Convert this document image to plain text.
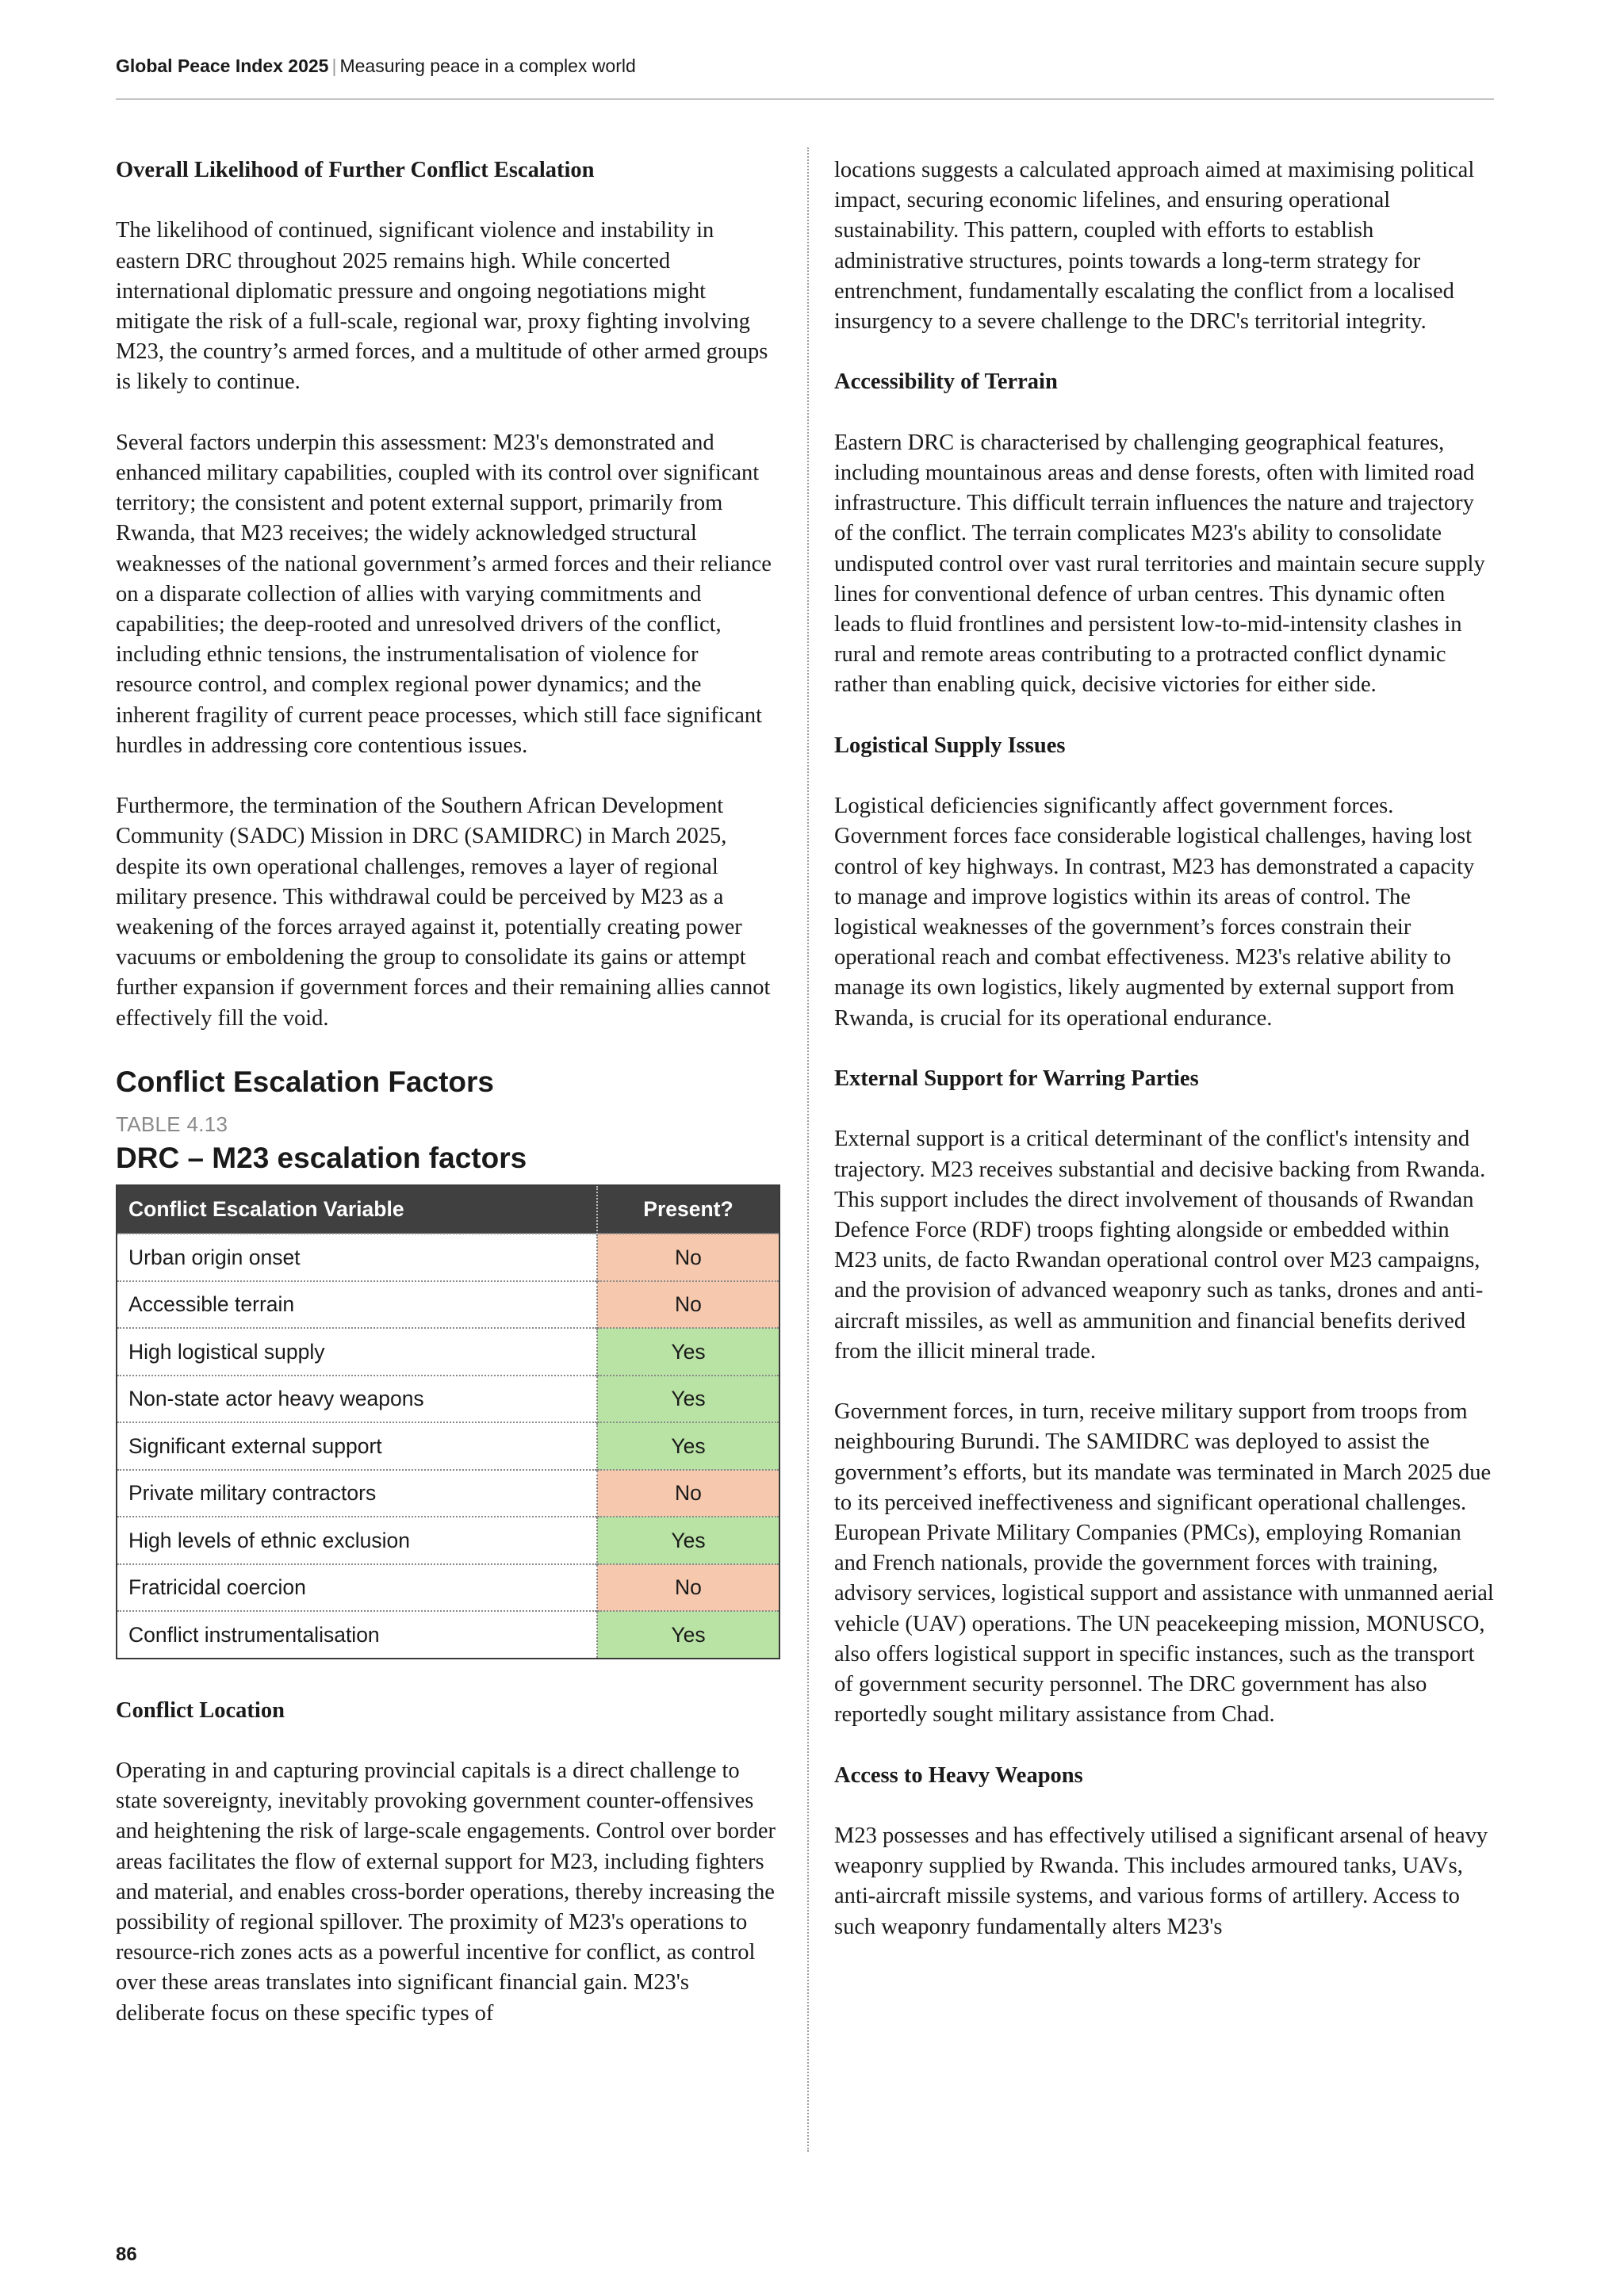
Global Peace Index 2025 | Measuring peace in a complex world
Overall Likelihood of Further Conflict Escalation

The likelihood of continued, significant violence and instability in eastern DRC throughout 2025 remains high. While concerted international diplomatic pressure and ongoing negotiations might mitigate the risk of a full-scale, regional war, proxy fighting involving M23, the country’s armed forces, and a multitude of other armed groups is likely to continue.

Several factors underpin this assessment: M23's demonstrated and enhanced military capabilities, coupled with its control over significant territory; the consistent and potent external support, primarily from Rwanda, that M23 receives; the widely acknowledged structural weaknesses of the national government’s armed forces and their reliance on a disparate collection of allies with varying commitments and capabilities; the deep-rooted and unresolved drivers of the conflict, including ethnic tensions, the instrumentalisation of violence for resource control, and complex regional power dynamics; and the inherent fragility of current peace processes, which still face significant hurdles in addressing core contentious issues.

Furthermore, the termination of the Southern African Development Community (SADC) Mission in DRC (SAMIDRC) in March 2025, despite its own operational challenges, removes a layer of regional military presence. This withdrawal could be perceived by M23 as a weakening of the forces arrayed against it, potentially creating power vacuums or emboldening the group to consolidate its gains or attempt further expansion if government forces and their remaining allies cannot effectively fill the void.

Conflict Escalation Factors
TABLE 4.13
DRC – M23 escalation factors
Conflict Escalation Variable	Present?
Urban origin onset	No
Accessible terrain	No
High logistical supply	Yes
Non-state actor heavy weapons	Yes
Significant external support	Yes
Private military contractors	No
High levels of ethnic exclusion	Yes
Fratricidal coercion	No
Conflict instrumentalisation	Yes
Conflict Location

Operating in and capturing provincial capitals is a direct challenge to state sovereignty, inevitably provoking government counter-offensives and heightening the risk of large-scale engagements. Control over border areas facilitates the flow of external support for M23, including fighters and material, and enables cross-border operations, thereby increasing the possibility of regional spillover. The proximity of M23's operations to resource-rich zones acts as a powerful incentive for conflict, as control over these areas translates into significant financial gain. M23's deliberate focus on these specific types of

locations suggests a calculated approach aimed at maximising political impact, securing economic lifelines, and ensuring operational sustainability. This pattern, coupled with efforts to establish administrative structures, points towards a long-term strategy for entrenchment, fundamentally escalating the conflict from a localised insurgency to a severe challenge to the DRC's territorial integrity.

Accessibility of Terrain

Eastern DRC is characterised by challenging geographical features, including mountainous areas and dense forests, often with limited road infrastructure. This difficult terrain influences the nature and trajectory of the conflict. The terrain complicates M23's ability to consolidate undisputed control over vast rural territories and maintain secure supply lines for conventional defence of urban centres. This dynamic often leads to fluid frontlines and persistent low-to-mid-intensity clashes in rural and remote areas contributing to a protracted conflict dynamic rather than enabling quick, decisive victories for either side.

Logistical Supply Issues

Logistical deficiencies significantly affect government forces. Government forces face considerable logistical challenges, having lost control of key highways. In contrast, M23 has demonstrated a capacity to manage and improve logistics within its areas of control. The logistical weaknesses of the government’s forces constrain their operational reach and combat effectiveness. M23's relative ability to manage its own logistics, likely augmented by external support from Rwanda, is crucial for its operational endurance.

External Support for Warring Parties

External support is a critical determinant of the conflict's intensity and trajectory. M23 receives substantial and decisive backing from Rwanda. This support includes the direct involvement of thousands of Rwandan Defence Force (RDF) troops fighting alongside or embedded within M23 units, de facto Rwandan operational control over M23 campaigns, and the provision of advanced weaponry such as tanks, drones and anti-aircraft missiles, as well as ammunition and financial benefits derived from the illicit mineral trade.

Government forces, in turn, receive military support from troops from neighbouring Burundi. The SAMIDRC was deployed to assist the government’s efforts, but its mandate was terminated in March 2025 due to its perceived ineffectiveness and significant operational challenges. European Private Military Companies (PMCs), employing Romanian and French nationals, provide the government forces with training, advisory services, logistical support and assistance with unmanned aerial vehicle (UAV) operations. The UN peacekeeping mission, MONUSCO, also offers logistical support in specific instances, such as the transport of government security personnel. The DRC government has also reportedly sought military assistance from Chad.

Access to Heavy Weapons

M23 possesses and has effectively utilised a significant arsenal of heavy weaponry supplied by Rwanda. This includes armoured tanks, UAVs, anti-aircraft missile systems, and various forms of artillery. Access to such weaponry fundamentally alters M23's

86
